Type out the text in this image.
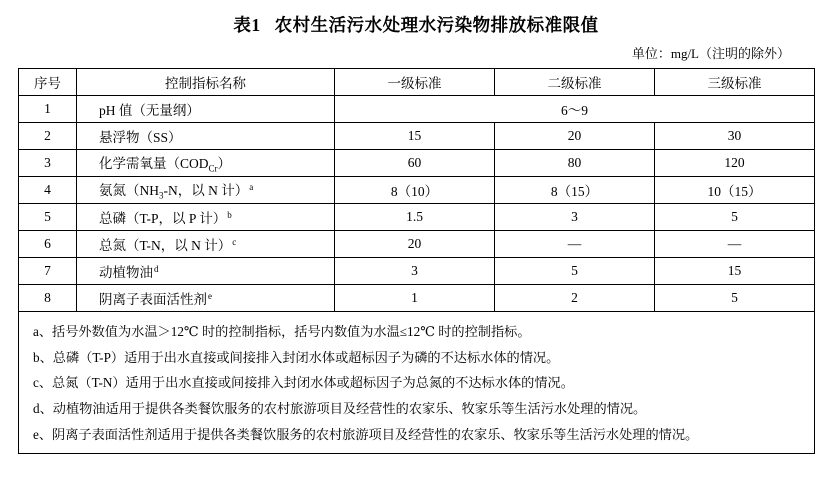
表1 农村生活污水处理水污染物排放标准限值
单位：mg/L（注明的除外）
序号	控制指标名称	一级标准	二级标准	三级标准
1	pH 值（无量纲）	6～9		
2	悬浮物（SS）	15	20	30
3	化学需氧量$(COD_{Cr})$	60	80	120
4	氨氮（$NH_3-N$，以 N 计）$^a$	8（10）	8（15）	10（15）
5	总磷（T-P，以 P 计）$^b$	1.5	3	5
6	总氮（T-N，以 N 计）$^c$	20	—	—
7	动植物油$^d$	3	5	15
8	阴离子表面活性剂$^e$	1	2	5

a、括号外数值为水温＞12℃ 时的控制指标，括号内数值为水温≤12℃ 时的控制指标。
b、总磷（T-P）适用于出水直接或间接排入封闭水体或超标因子为磷的不达标水体的情况。
c、总氮（T-N）适用于出水直接或间接排入封闭水体或超标因子为总氮的不达标水体的情况。
d、动植物油适用于提供各类餐饮服务的农村旅游项目及经营性的农家乐、牧家乐等生活污水处理的情况。
e、阴离子表面活性剂适用于提供各类餐饮服务的农村旅游项目及经营性的农家乐、牧家乐等生活污水处理的情况。				
